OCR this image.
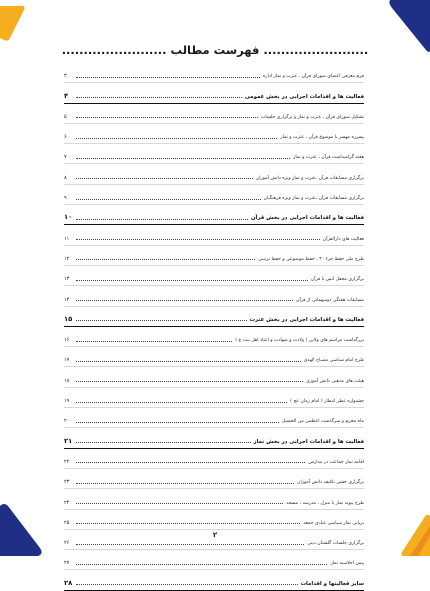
........................ فهرست مطالب ........................
فرم معرفی اعضای شورای قرآن ، عترت و نماز اداره
۳
فعالیت ها و اقدامات اجرایی در بخش عمومی
۴
تشکیل شورای قرآن ، عترت و نماز و برگزاری جلسات
۵
پسرزه مهسر با موضوع قرآن ، عترت و نماز
۶
هفته گرامیداشت قرآن ، عترت و نماز
۷
برگزاری مسابقات قرآن ،عترت و نماز ویژه دانش آموزان
۸
برگزاری مسابقات قرآن ،عترت و نماز ویژه فرهنگیان
۹
فعالیت ها و اقدامات اجرایی در بخش قرآن
۱۰
فعالیت های دارالقرآن
۱۱
طرح ملی حفظ جزء ۳۰ ، حفظ موضوعی و حفظ ترتیبی
۱۲
برگزاری محفل انس با قرآن
۱۳
مسابقات هفتگی دوسهمانی از قرآن
۱۴
فعالیت ها و اقدامات اجرایی در بخش عترت
۱۵
بزرگداشت مراسم های ولایی ( ولادت و شهادت و اعیاد اهل بیت ع )
۱۶
طرح امام شناسی مصباح الهدی
۱۷
هیئت های مذهبی دانش آموزی
۱۸
جشنواره عطر انتظار ( امام زمان عج )
۱۹
ماه محرم و سرگذشت اعظمی من الحسیل
۲۰
فعالیت ها و اقدامات اجرایی در بخش نماز
۲۱
اقامه نماز جماعت در مدارس
۲۲
برگزاری جشن تکلیف دانش آموزان
۲۳
طرح پیوند نماز با منزل ، مدرسه ، مسجد
۲۴
برپایی نماز سیاسی عبادی جمعه
۲۵
برگزاری جلسات گلشتان دینی
۲۶
پیش اجلاسیه نماز
۲۷
سایر فعالیتها و اقدامات
۲۸
۲
